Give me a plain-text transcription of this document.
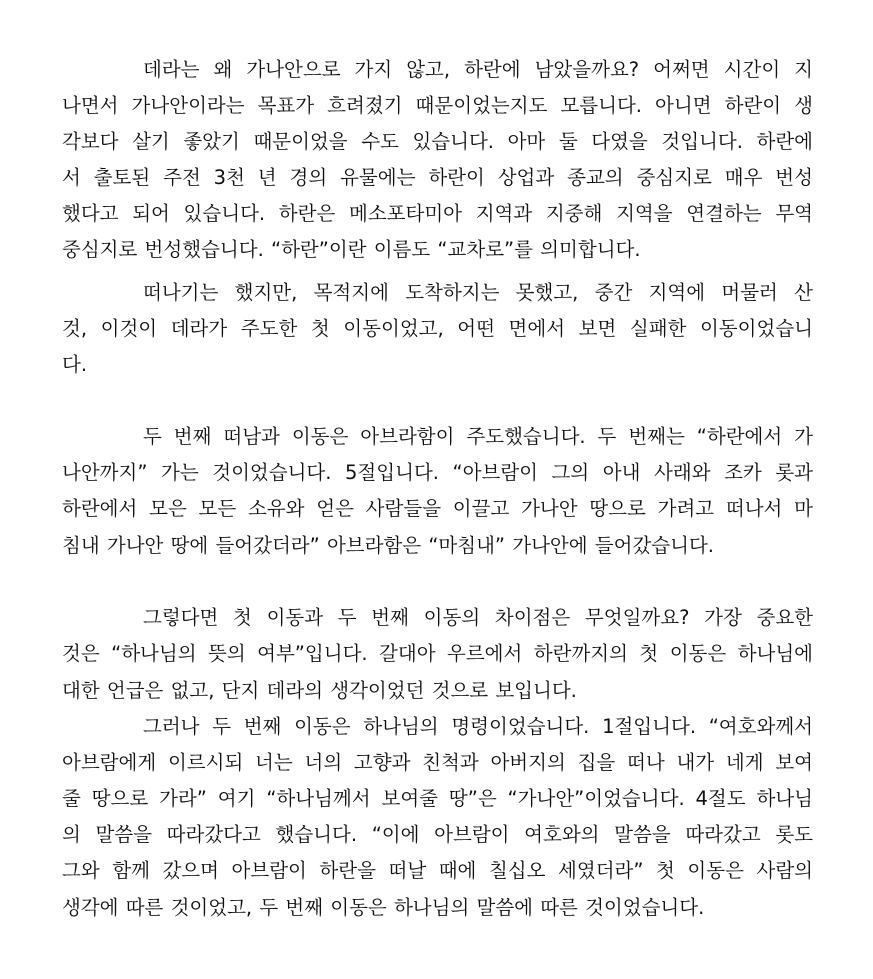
데라는 왜 가나안으로 가지 않고, 하란에 남았을까요? 어쩌면 시간이 지
나면서 가나안이라는 목표가 흐려졌기 때문이었는지도 모릅니다. 아니면 하란이 생
각보다 살기 좋았기 때문이었을 수도 있습니다. 아마 둘 다였을 것입니다. 하란에
서 출토된 주전 3천 년 경의 유물에는 하란이 상업과 종교의 중심지로 매우 번성
했다고 되어 있습니다. 하란은 메소포타미아 지역과 지중해 지역을 연결하는 무역
중심지로 번성했습니다. “하란”이란 이름도 “교차로”를 의미합니다.
떠나기는 했지만, 목적지에 도착하지는 못했고, 중간 지역에 머물러 산
것, 이것이 데라가 주도한 첫 이동이었고, 어떤 면에서 보면 실패한 이동이었습니
다.
두 번째 떠남과 이동은 아브라함이 주도했습니다. 두 번째는 “하란에서 가
나안까지” 가는 것이었습니다. 5절입니다. “아브람이 그의 아내 사래와 조카 롯과
하란에서 모은 모든 소유와 얻은 사람들을 이끌고 가나안 땅으로 가려고 떠나서 마
침내 가나안 땅에 들어갔더라” 아브라함은 “마침내” 가나안에 들어갔습니다.
그렇다면 첫 이동과 두 번째 이동의 차이점은 무엇일까요? 가장 중요한
것은 “하나님의 뜻의 여부”입니다. 갈대아 우르에서 하란까지의 첫 이동은 하나님에
대한 언급은 없고, 단지 데라의 생각이었던 것으로 보입니다.
그러나 두 번째 이동은 하나님의 명령이었습니다. 1절입니다. “여호와께서
아브람에게 이르시되 너는 너의 고향과 친척과 아버지의 집을 떠나 내가 네게 보여
줄 땅으로 가라” 여기 “하나님께서 보여줄 땅”은 “가나안”이었습니다. 4절도 하나님
의 말씀을 따라갔다고 했습니다. “이에 아브람이 여호와의 말씀을 따라갔고 롯도
그와 함께 갔으며 아브람이 하란을 떠날 때에 칠십오 세였더라” 첫 이동은 사람의
생각에 따른 것이었고, 두 번째 이동은 하나님의 말씀에 따른 것이었습니다.
